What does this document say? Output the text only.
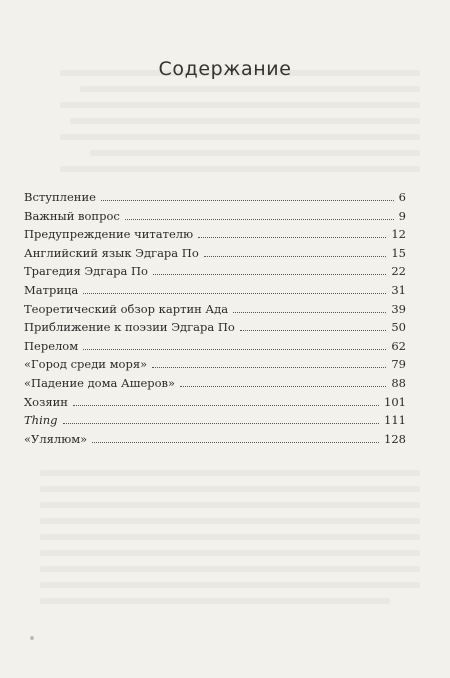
Содержание
Вступление	6
Важный вопрос	9
Предупреждение читателю	12
Английский язык Эдгара По	15
Трагедия Эдгара По	22
Матрица	31
Теоретический обзор картин Ада	39
Приближение к поэзии Эдгара По	50
Перелом	62
«Город среди моря»	79
«Падение дома Ашеров»	88
Хозяин	101
Thing	111
«Улялюм»	128
